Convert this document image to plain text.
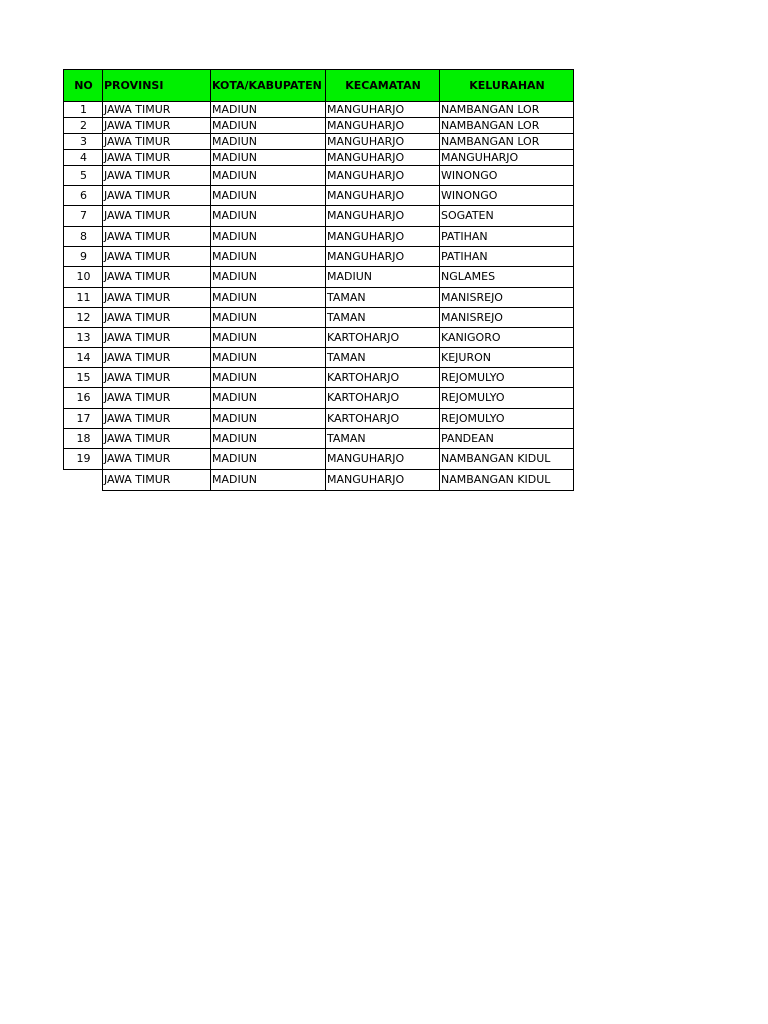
NO	PROVINSI	KOTA/KABUPATEN	KECAMATAN	KELURAHAN
1	JAWA TIMUR	MADIUN	MANGUHARJO	NAMBANGAN LOR
2	JAWA TIMUR	MADIUN	MANGUHARJO	NAMBANGAN LOR
3	JAWA TIMUR	MADIUN	MANGUHARJO	NAMBANGAN LOR
4	JAWA TIMUR	MADIUN	MANGUHARJO	MANGUHARJO
5	JAWA TIMUR	MADIUN	MANGUHARJO	WINONGO
6	JAWA TIMUR	MADIUN	MANGUHARJO	WINONGO
7	JAWA TIMUR	MADIUN	MANGUHARJO	SOGATEN
8	JAWA TIMUR	MADIUN	MANGUHARJO	PATIHAN
9	JAWA TIMUR	MADIUN	MANGUHARJO	PATIHAN
10	JAWA TIMUR	MADIUN	MADIUN	NGLAMES
11	JAWA TIMUR	MADIUN	TAMAN	MANISREJO
12	JAWA TIMUR	MADIUN	TAMAN	MANISREJO
13	JAWA TIMUR	MADIUN	KARTOHARJO	KANIGORO
14	JAWA TIMUR	MADIUN	TAMAN	KEJURON
15	JAWA TIMUR	MADIUN	KARTOHARJO	REJOMULYO
16	JAWA TIMUR	MADIUN	KARTOHARJO	REJOMULYO
17	JAWA TIMUR	MADIUN	KARTOHARJO	REJOMULYO
18	JAWA TIMUR	MADIUN	TAMAN	PANDEAN
19	JAWA TIMUR	MADIUN	MANGUHARJO	NAMBANGAN KIDUL
	JAWA TIMUR	MADIUN	MANGUHARJO	NAMBANGAN KIDUL
